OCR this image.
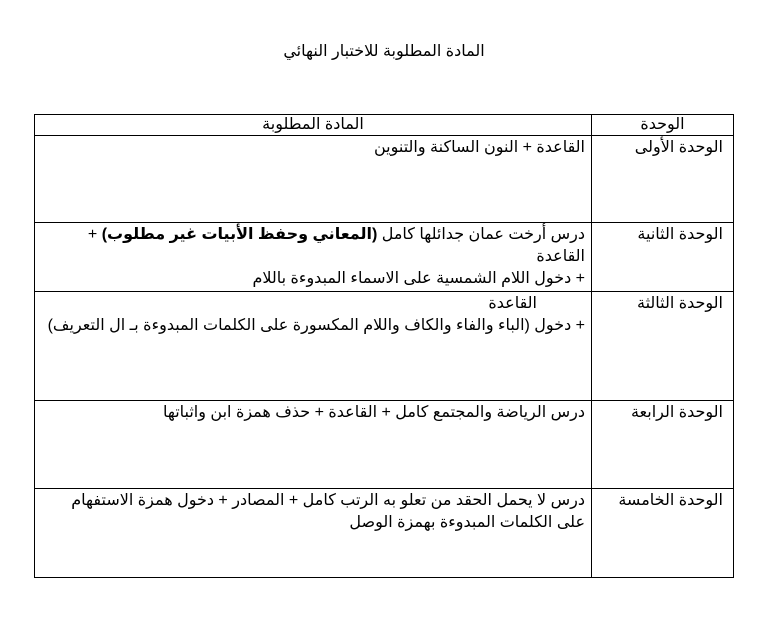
المادة المطلوبة للاختبار النهائي
الوحدة	المادة المطلوبة
الوحدة الأولى	القاعدة + النون الساكنة والتنوين

الوحدة الثانية	درس أرخت عمان جدائلها كامل (المعاني وحفظ الأبيات غير مطلوب) + القاعدة
+ دخول اللام الشمسية على الاسماء المبدوءة باللام

الوحدة الثالثة	القاعدة
+ دخول (الباء والفاء والكاف واللام المكسورة على الكلمات المبدوءة بـ ال التعريف)

الوحدة الرابعة	درس الرياضة والمجتمع كامل + القاعدة + حذف همزة ابن واثباتها

الوحدة الخامسة	درس لا يحمل الحقد من تعلو به الرتب كامل + المصادر + دخول همزة الاستفهام على الكلمات المبدوءة بهمزة الوصل
